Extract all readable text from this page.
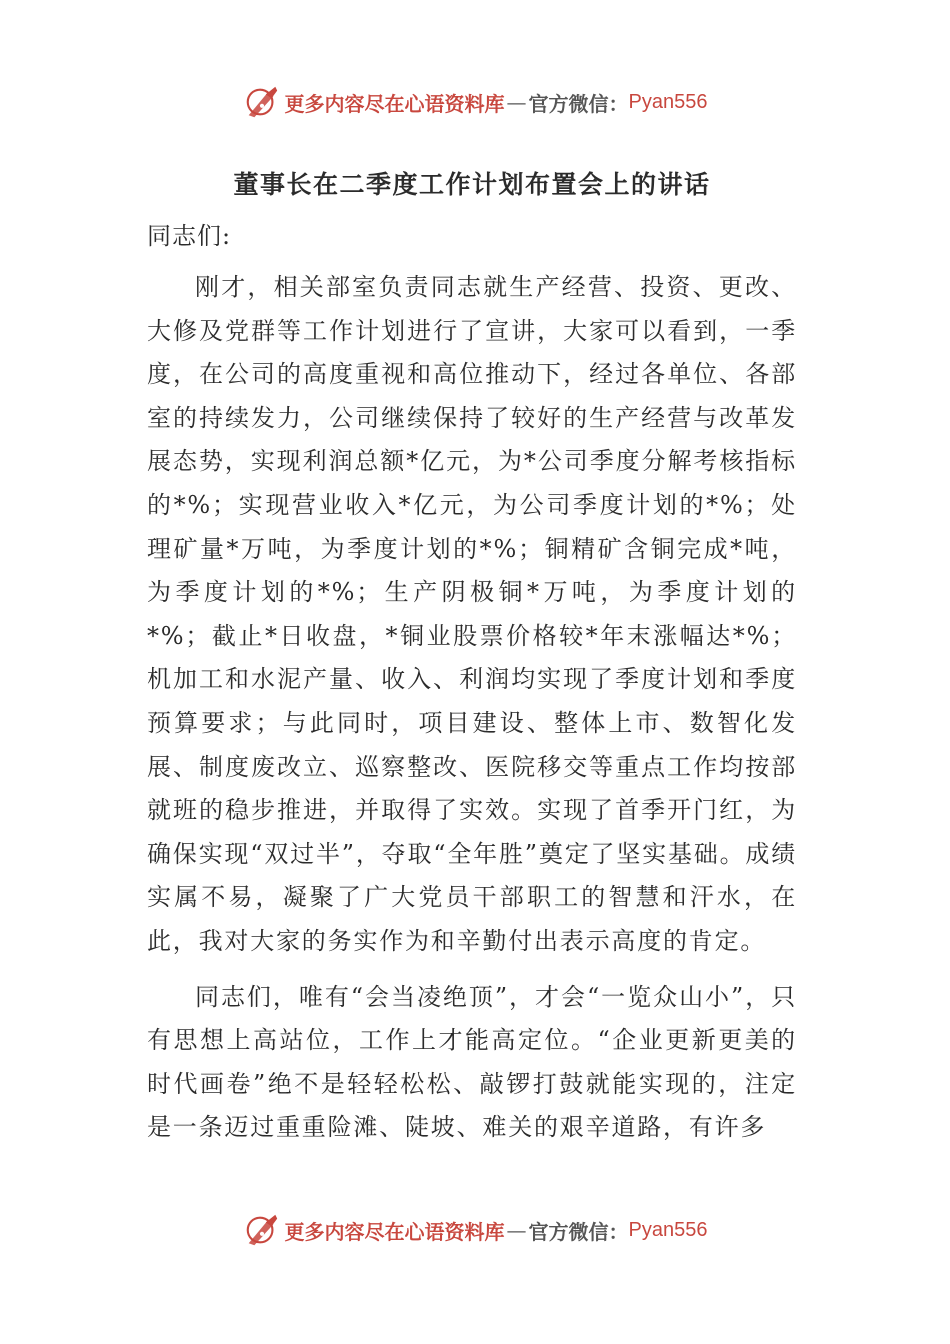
更多内容尽在心语资料库 — 官方微信： Pyan556
董事长在二季度工作计划布置会上的讲话

同志们:

刚才，相关部室负责同志就生产经营、投资、更改、大修及党群等工作计划进行了宣讲，大家可以看到，一季度，在公司的高度重视和高位推动下，经过各单位、各部室的持续发力，公司继续保持了较好的生产经营与改革发展态势，实现利润总额*亿元，为*公司季度分解考核指标的*%；实现营业收入*亿元，为公司季度计划的*%；处理矿量*万吨，为季度计划的*%；铜精矿含铜完成*吨，为季度计划的*%；生产阴极铜*万吨，为季度计划的*%；截止*日收盘，*铜业股票价格较*年末涨幅达*%；机加工和水泥产量、收入、利润均实现了季度计划和季度预算要求；与此同时，项目建设、整体上市、数智化发展、制度废改立、巡察整改、医院移交等重点工作均按部就班的稳步推进，并取得了实效。实现了首季开门红，为确保实现“双过半”，夺取“全年胜”奠定了坚实基础。成绩实属不易，凝聚了广大党员干部职工的智慧和汗水，在此，我对大家的务实作为和辛勤付出表示高度的肯定。

同志们，唯有“会当凌绝顶”，才会“一览众山小”，只有思想上高站位，工作上才能高定位。“企业更新更美的时代画卷”绝不是轻轻松松、敲锣打鼓就能实现的，注定是一条迈过重重险滩、陡坡、难关的艰辛道路，有许多

更多内容尽在心语资料库 — 官方微信： Pyan556
